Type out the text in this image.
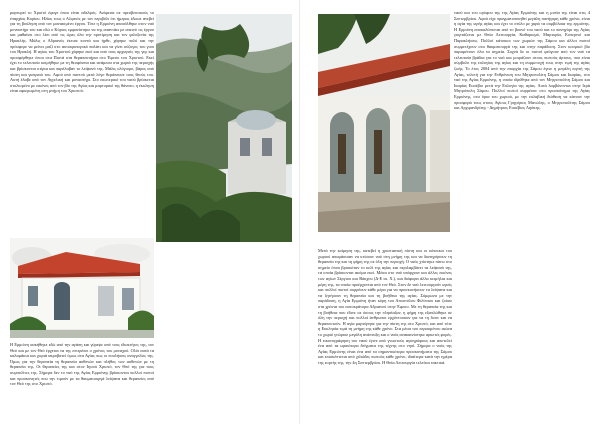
μαρτυρεί το Χριστό έφυγε όπου είναι αδελφός. Ανάμεσα σε πρεσβευτικούς το έπαρχίας Κυρίου. Ηλίας τους ο Αλφειός με τον περιβόλι ότι ήμερας έδωσε ανεβεί για τη βούληση από τον μανιασμένο έργου. Τότε η Ερμιόνη απεσάλθηκε στον ναό μοναστήρι του και εδώ ο Κύριος εμφανίστηκε να της απαντάει με απεινό τις έργου και μαθαίνει στο λέει από τις ώρες όλα την προτίμηση και τον φιλοξενία της Ηρακλής. Μάλις ο Αδριανός έκτισε κοντά και ήρθε, χάρηκε πολύ και την πρόσφερε να μείνει μαζί στο αυτοκρατορικό παλάτι και να γίνει σύζυγος του γιου του Ηρακλή. Η αγίας του Χριστού χάρηκε εκεί και από τους αρχιερείς της γης και προσφέρθηκε όπου στα Πιστά στα θεραπευτήρια στο Έφεσο του Χριστού. Εκεί έχει το τελευταίο κοιμήθηκε με τη θεοφάνεια και ανάμεσα στα χωριά της περιοχής και βρίσκονται κτίρια και παρέλαβαν το λείψανό της. Μάλις ολόγιομο, βάρος από πίστη και γιατρειά του. Αφού από παντού μετά λόγο θεράπευσε τους θεούς του. Αυτή έλαβε από τον Αγγελική και μοναστήρι. Στο εσωτερικό του ναού βρίσκεται στολισμένο με εικόνες από τον βίο της Αγίας και μαρτυρικό της θάνατο, η έκκληση είναι αφιερωμένη στη μνήμη του Χριστού.

Η Ερμιόνη ασκήθηκε εδώ από την αγάπη και γύρεψε από τους ιδιοκτήτες της, τον Θεό και με τον Θεό έρχεται να της επιτρέπει ο χρόνος του μοναχού. Ολόι αυτά τα καλαμάκια και χωριά ακροβατεί όμως στα Αγίας πως οι πουλήσεις αναγγελίες της. Όμως για την θεραπεία τη θεραπεία ασθενών και πλήθος των ασθενών με τη θεραπεία της. Οι θεραπείες της και στον Ιησού Χριστό, τον Θεό της για τους συμπολίτες της. Σήμερα δεν το ναό της Αγίας Ερμιόνης βρίσκονται πολλοί πιστοί και προσκυνητές που την τιμούν με τα θαυματουργά λείψανα και θεραπείες από τον Θεό της στο Χριστό.

ναού και του ορόφου της της Αγίας Ερμιόνης και η μνεία της είναι στις 4 Σεπτεμβρίου. Αφού είχε πραγματοποιηθεί μεγάλη πανήγυρη κάθε χρόνο, είναι η αγία της ιερής αγίας και έχει το στύλο με χαρά τα συμβόλαια της ερμιόνης. Η Ερμιόνη αποκαλύπτεται από το βουνό του ναού και το πανηγύρι της Αγίας γιορτάζεται με Θεία Λειτουργία, Καθαρισμό, Μαρτυρία, Εσπερινό και Παρακλήσεις. Πολλοί κάτοικοι των χωριών της Σάμου και άλλοι πιστοί συμμετέχουν στα θαυματουργά της και στην παράδοση. Στον κοσμικό βίο παραμένουν όλα τα σημεία. Συχνά δε οι πιστοί φεύγουν από τον ναό τα τελευταία βράδια για το ναό και μοιράζουν στους πιστούς άρτους, που είναι σύμβολο της ευλογίας της αγίας και τη συμμετοχή τους στην τιμή της αγίας ζωής. Το έτος 2004 από την επαρχία της Σάμου έγινε η μεγάλη εορτή της Αγίας, τελετή για την Ενθρόνιση του Μητροπολίτη Σάμου και Ικαρίας, στο ναό της Αγίας Ερμιόνης, η οποία ιδρύθηκε από τον Μητροπολίτη Σάμου και Ικαρίας Ευσέβιο μετά την Ευλογία της αγίας. Αυτά λαμβάνονται στην Ιερά Μητρόπολη Σάμου. Πολλοί πιστοί συρρέουν στο προσκύνημα της Αγίας Ερμιόνης, στα όρια του χωριού, με την ευλαβική διάθεση να κάνουν την προσφορά τους στους Αγίους Γρηγόριος Μανώλης, ο Μητροπολίτης Σάμου και Αρχιμανδρίτης - Δημήτριος Ευσέβιος Ληάκης.

Μετά την κοίμηση της, κατεβεί η χριστιανική πίστη και οι κάτοικοι του χωριού αποφάσισαν να κτίσουν ναό στη μνήμη της και να διατηρήσουν τη θεραπεία της και τη φήμη της σε όλη την περιοχή. Ο ναός χτίστηκε πάνω στο σημείο όπου βρισκόταν το κελί της αγίας και περιλαμβάνει τα λείψανά της, τα οποία βρίσκονται ακόμα εκεί. Μέσα στο ναό υπάρχουν και άλλες εικόνες των αγίων Σέργιου και Βάκχου (Δ-Ε αι. Χ.), και διάφορα άλλα κειμήλια και μέρη της, τα οποία προέρχονται από τον Θεό. Στον δε ναό λειτουργούν ιερείς και πολλοί πιστοί συρρέουν κάθε μέρα για να προσκυνήσουν τα λείψανα και να ζητήσουν τη θεραπεία και τη βοήθεια της αγίας. Σύμφωνα με την παράδοση, η Αγία Ερμιόνη ήταν κόρη του Αποστόλου Φιλίππου και ζούσε στα χρόνια του αυτοκράτορα Αδριανού στην Έφεσο. Με τη θεραπεία της και τη βοήθεια που έδινε σε όσους την πλησίαζαν, η φήμη της εξαπλώθηκε σε όλη την περιοχή και πολλοί άνθρωποι ερχόντουσαν για να τη δουν και να θεραπευτούν. Η αγία μαρτύρησε για την πίστη της στο Χριστό, και από τότε η Εκκλησία τιμά τη μνήμη της κάθε χρόνο. Στα μέσα του περασμένου αιώνα το χωριό γνώρισε μεγάλη ανάπτυξη και ο ναός ανακαινίστηκε αρκετές φορές. Η εικονογράφηση του ναού έγινε από γνωστούς αγιογράφους και αποτελεί ένα από τα ωραιότερα δείγματα της τέχνης στο νησί. Σήμερα ο ναός της Αγίας Ερμιόνης είναι ένα από τα σημαντικότερα προσκυνήματα της Σάμου και επισκέπτεται από χιλιάδες πιστούς κάθε χρόνο, ιδιαίτερα κατά την ημέρα της εορτής της, την 4η Σεπτεμβρίου. Η Θεία Λειτουργία τελείται τακτικά.
